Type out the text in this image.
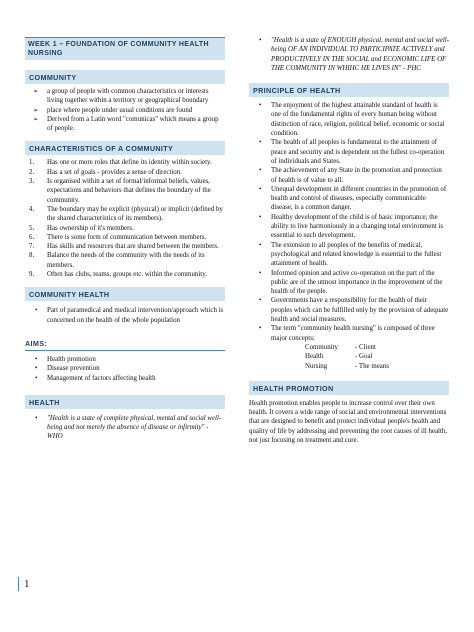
WEEK 1 – FOUNDATION OF COMMUNITY HEALTH NURSING
COMMUNITY
➢ a group of people with common characteristics or interests living together within a territory or geographical boundary
➢ place where people under usual conditions are found
➢ Derived from a Latin word "comunicas" which means a group of people.
CHARACTERISTICS OF A COMMUNITY
1. Has one or more roles that define its identity within society.
2. Has a set of goals - provides a sense of direction.
3. Is organised within a set of formal/informal beliefs, values, expectations and behaviors that defines the boundary of the community.
4. The boundary may be explicit (physical) or implicit (defined by the shared characteristics of its members).
5. Has ownership of it's members.
6. There is some form of communication between members.
7. Has skills and resources that are shared between the members.
8. Balance the needs of the community with the needs of its members.
9. Often has clubs, teams, groups etc. within the community.
COMMUNITY HEALTH
• Part of paramedical and medical intervention/approach which is concerned on the health of the whole population
AIMS:
• Health promotion
• Disease prevention
• Management of factors affecting health
HEALTH
• "Health is a state of complete physical, mental and social well-being and not merely the absence of disease or infirmity" - WHO
• "Health is a state of ENOUGH physical, mental and social well-being OF AN INDIVIDUAL TO PARTICIPATE ACTIVELY and PRODUCTIVELY IN THE SOCIAL and ECONOMIC LIFE OF THE COMMUNITY IN WHIHC HE LIVES IN" - PHC
PRINCIPLE OF HEALTH
• The enjoyment of the highest attainable standard of health is one of the fundamental rights of every human being without distinction of race, religion, political belief, economic or social condition.
• The health of all peoples is fundamental to the attainment of peace and security and is dependent on the fullest co-operation of individuals and States.
• The achievement of any State in the promotion and protection of health is of value to all.
• Unequal development in different countries in the promotion of health and control of diseases, especially communicable disease, is a common danger.
• Healthy development of the child is of basic importance; the ability to live harmoniously in a changing total environment is essential to such development.
• The extension to all peoples of the benefits of medical, psychological and related knowledge is essential to the fullest attainment of health.
• Informed opinion and active co-operation on the part of the public are of the utmost importance in the improvement of the health of the people.
• Governments have a responsibility for the health of their peoples which can be fulfilled only by the provision of adequate health and social measures.
• The term "community health nursing" is composed of three major concepts:
Community	- Client
Health	- Goal
Nursing	- The means
HEALTH PROMOTION
Health promotion enables people to increase control over their own health. It covers a wide range of social and environmental interventions that are designed to benefit and protect individual people's health and quality of life by addressing and preventing the root causes of ill health, not just focusing on treatment and cure.
1
